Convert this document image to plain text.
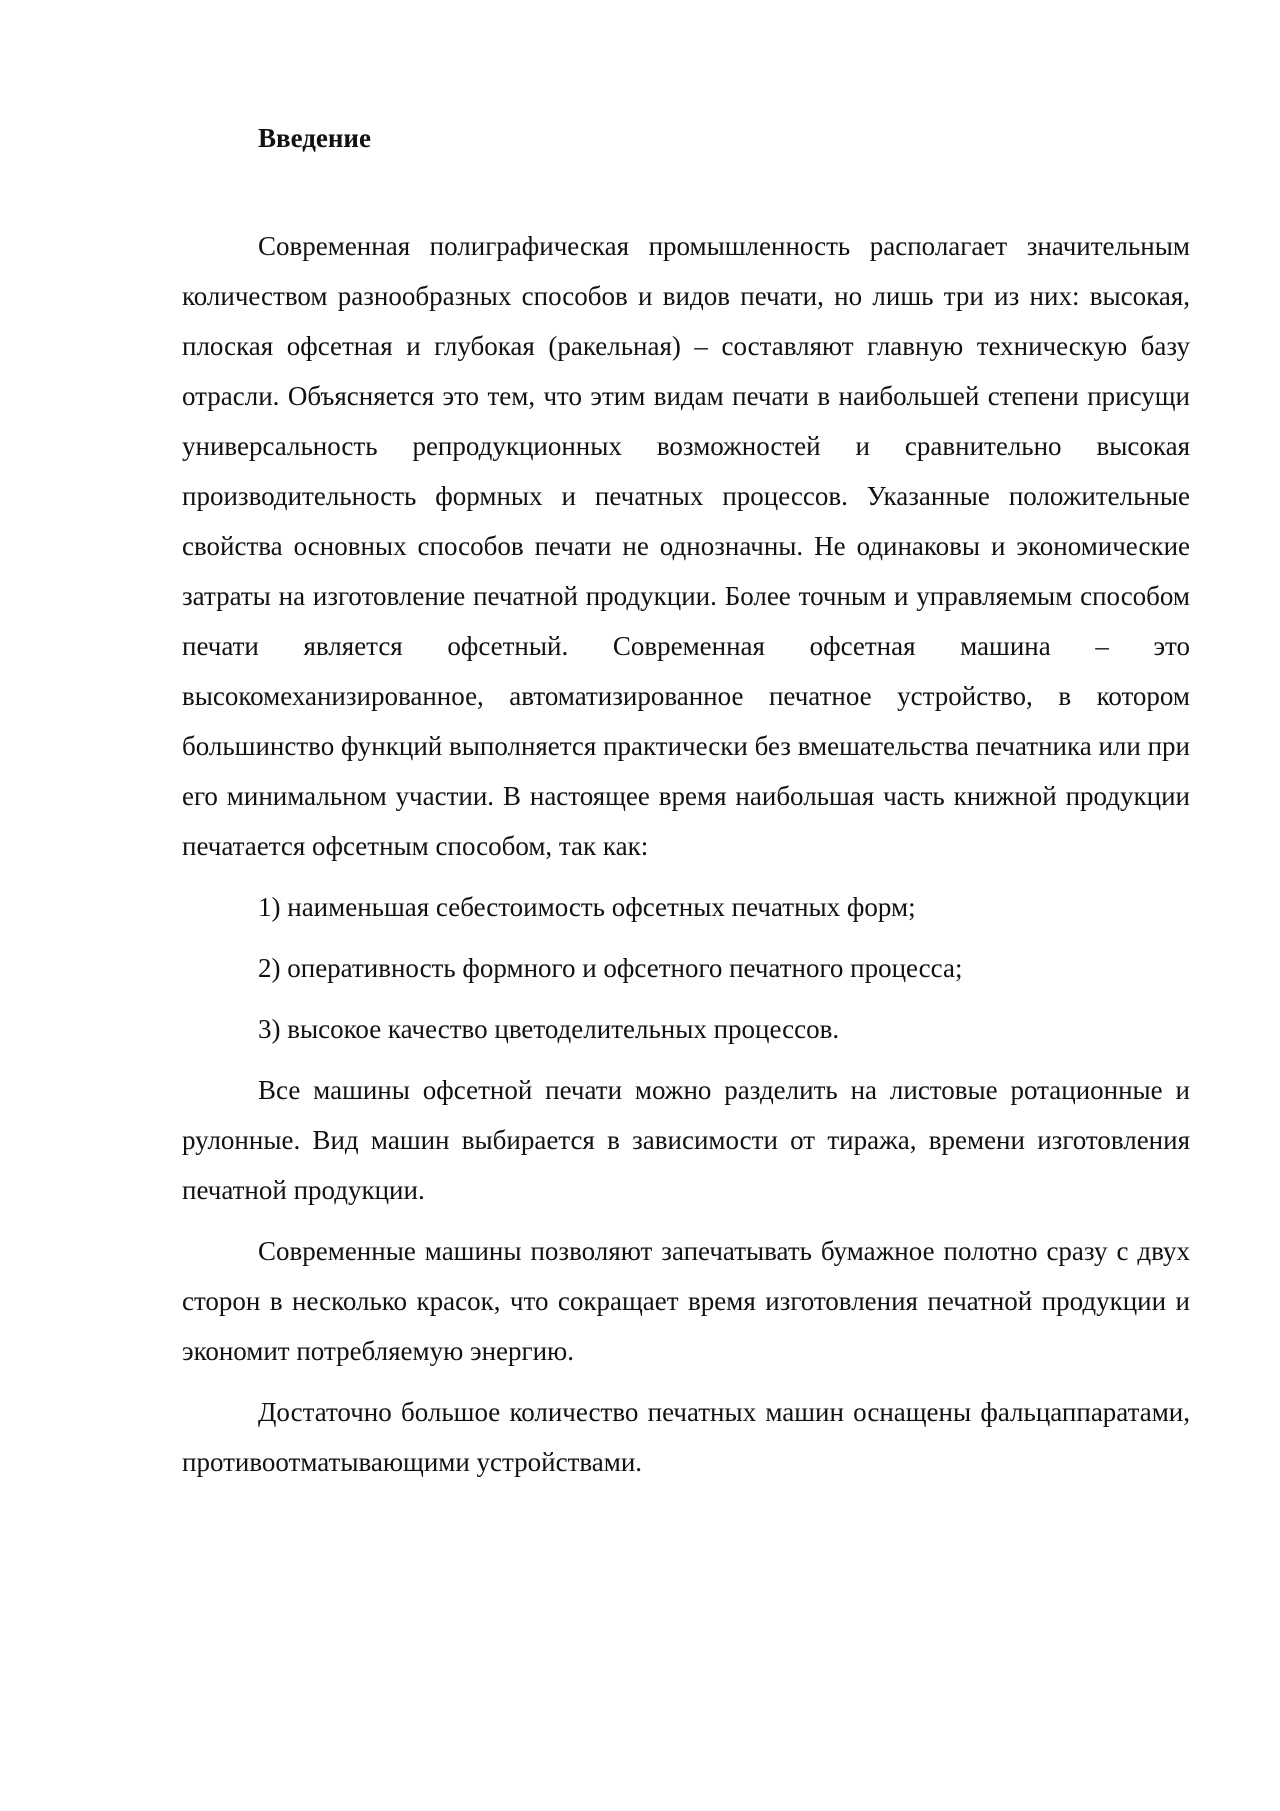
Введение

Современная полиграфическая промышленность располагает значительным количеством разнообразных способов и видов печати, но лишь три из них: высокая, плоская офсетная и глубокая (ракельная) – составляют главную техническую базу отрасли. Объясняется это тем, что этим видам печати в наибольшей степени присущи универсальность репродукционных возможностей и сравнительно высокая производительность формных и печатных процессов. Указанные положительные свойства основных способов печати не однозначны. Не одинаковы и экономические затраты на изготовление печатной продукции. Более точным и управляемым способом печати является офсетный. Современная офсетная машина – это высокомеханизированное, автоматизированное печатное устройство, в котором большинство функций выполняется практически без вмешательства печатника или при его минимальном участии. В настоящее время наибольшая часть книжной продукции печатается офсетным способом, так как:

1) наименьшая себестоимость офсетных печатных форм;
2) оперативность формного и офсетного печатного процесса;
3) высокое качество цветоделительных процессов.

Все машины офсетной печати можно разделить на листовые ротационные и рулонные. Вид машин выбирается в зависимости от тиража, времени изготовления печатной продукции.

Современные машины позволяют запечатывать бумажное полотно сразу с двух сторон в несколько красок, что сокращает время изготовления печатной продукции и экономит потребляемую энергию.

Достаточно большое количество печатных машин оснащены фальцаппаратами, противоотматывающими устройствами.
